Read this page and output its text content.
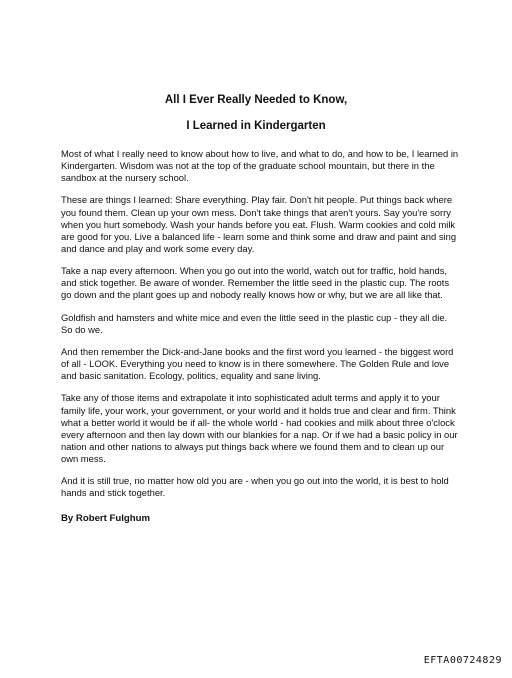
All I Ever Really Needed to Know,
I Learned in Kindergarten

Most of what I really need to know about how to live, and what to do, and how to be, I learned in Kindergarten. Wisdom was not at the top of the graduate school mountain, but there in the sandbox at the nursery school.

These are things I learned: Share everything. Play fair. Don't hit people. Put things back where you found them. Clean up your own mess. Don't take things that aren't yours. Say you're sorry when you hurt somebody. Wash your hands before you eat. Flush. Warm cookies and cold milk are good for you. Live a balanced life - learn some and think some and draw and paint and sing and dance and play and work some every day.

Take a nap every afternoon. When you go out into the world, watch out for traffic, hold hands, and stick together. Be aware of wonder. Remember the little seed in the plastic cup. The roots go down and the plant goes up and nobody really knows how or why, but we are all like that.

Goldfish and hamsters and white mice and even the little seed in the plastic cup - they all die. So do we.

And then remember the Dick-and-Jane books and the first word you learned - the biggest word of all - LOOK. Everything you need to know is in there somewhere. The Golden Rule and love and basic sanitation. Ecology, politics, equality and sane living.

Take any of those items and extrapolate it into sophisticated adult terms and apply it to your family life, your work, your government, or your world and it holds true and clear and firm. Think what a better world it would be if all- the whole world - had cookies and milk about three o'clock every afternoon and then lay down with our blankies for a nap. Or if we had a basic policy in our nation and other nations to always put things back where we found them and to clean up our own mess.

And it is still true, no matter how old you are - when you go out into the world, it is best to hold hands and stick together.

By Robert Fulghum

EFTA00724829
